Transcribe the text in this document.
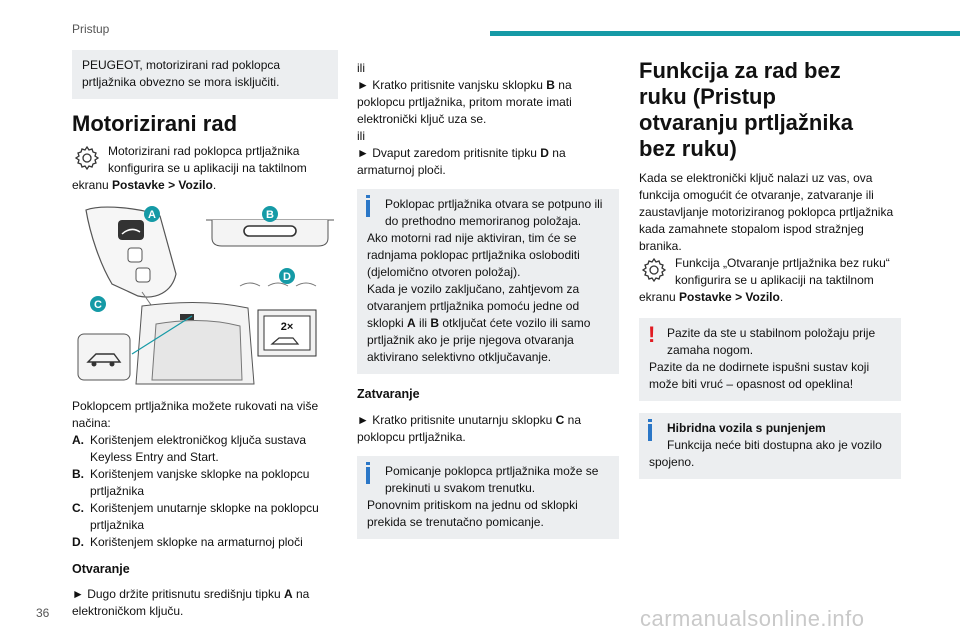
Pristup

PEUGEOT, motorizirani rad poklopca prtljažnika obvezno se mora isključiti.

Motorizirani rad

Motorizirani rad poklopca prtljažnika konfigurira se u aplikaciji na taktilnom ekranu Postavke > Vozilo.

A	B
C
D
2×

Poklopcem prtljažnika možete rukovati na više načina:

A. Korištenjem elektroničkog ključa sustava Keyless Entry and Start.
B. Korištenjem vanjske sklopke na poklopcu prtljažnika
C. Korištenjem unutarnje sklopke na poklopcu prtljažnika
D. Korištenjem sklopke na armaturnoj ploči
Otvaranje

► Dugo držite pritisnutu središnju tipku A na elektroničkom ključu.

ili

► Kratko pritisnite vanjsku sklopku B na poklopcu prtljažnika, pritom morate imati elektronički ključ uza se.

ili

► Dvaput zaredom pritisnite tipku D na armaturnoj ploči.

Poklopac prtljažnika otvara se potpuno ili do prethodno memoriranog položaja.

Ako motorni rad nije aktiviran, tim će se radnjama poklopac prtljažnika osloboditi (djelomično otvoren položaj).

Kada je vozilo zaključano, zahtjevom za otvaranjem prtljažnika pomoću jedne od sklopki A ili B otključat ćete vozilo ili samo prtljažnik ako je prije njegova otvaranja aktivirano selektivno otključavanje.

Zatvaranje

► Kratko pritisnite unutarnju sklopku C na poklopcu prtljažnika.

Pomicanje poklopca prtljažnika može se prekinuti u svakom trenutku.

Ponovnim pritiskom na jednu od sklopki prekida se trenutačno pomicanje.

Funkcija za rad bez ruku (Pristup otvaranju prtljažnika bez ruku)

Kada se elektronički ključ nalazi uz vas, ova funkcija omogućit će otvaranje, zatvaranje ili zaustavljanje motoriziranog poklopca prtljažnika kada zamahnete stopalom ispod stražnjeg branika.

Funkcija „Otvaranje prtljažnika bez ruku“ konfigurira se u aplikaciji na taktilnom ekranu Postavke > Vozilo.

! Pazite da ste u stabilnom položaju prije zamaha nogom.

Pazite da ne dodirnete ispušni sustav koji može biti vruć – opasnost od opeklina!

Hibridna vozila s punjenjem

Funkcija neće biti dostupna ako je vozilo spojeno.

36	carmanualsonline.info
